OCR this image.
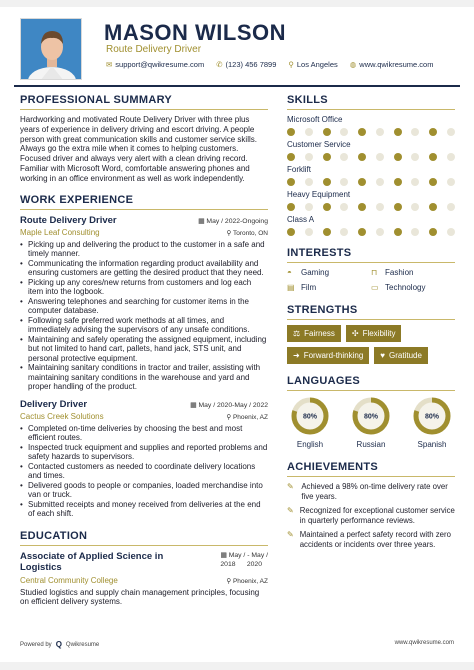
MASON WILSON
Route Delivery Driver
✉ support@qwikresume.com ✆ (123) 456 7899 ⚲ Los Angeles ◍ www.qwikresume.com
PROFESSIONAL SUMMARY
Hardworking and motivated Route Delivery Driver with three plus years of experience in delivery driving and escort driving. A people person with great communication skills and customer service skills. Always go the extra mile when it comes to helping customers. Focused driver and always very alert with a clean driving record. Familiar with Microsoft Word, comfortable answering phones and working in an office environment as well as work independently.
WORK EXPERIENCE
Route Delivery Driver	▦ May / 2022-Ongoing
Maple Leaf Consulting	⚲ Toronto, ON
• Picking up and delivering the product to the customer in a safe and timely manner.
• Communicating the information regarding product availability and ensuring customers are getting the desired product that they need.
• Picking up any cores/new returns from customers and log each item into the logbook.
• Answering telephones and searching for customer items in the computer database.
• Following safe preferred work methods at all times, and immediately advising the supervisors of any unsafe conditions.
• Maintaining and safely operating the assigned equipment, including but not limited to hand cart, pallets, hand jack, STS unit, and personal protective equipment.
• Maintaining sanitary conditions in tractor and trailer, assisting with maintaining sanitary conditions in the warehouse and yard and proper handling of the product.
Delivery Driver	▦ May / 2020-May / 2022
Cactus Creek Solutions	⚲ Phoenix, AZ
• Completed on-time deliveries by choosing the best and most efficient routes.
• Inspected truck equipment and supplies and reported problems and safety hazards to supervisors.
• Contacted customers as needed to coordinate delivery locations and times.
• Delivered goods to people or companies, loaded merchandise into van or truck.
• Submitted receipts and money received from deliveries at the end of each shift.
EDUCATION
Associate of Applied Science in Logistics
▦ May / - May /
2018 2020
Central Community College	⚲ Phoenix, AZ
Studied logistics and supply chain management principles, focusing on efficient delivery systems.
SKILLS
Microsoft Office
Customer Service
Forklift
Heavy Equipment
Class A
INTERESTS
◓	Gaming	⊓ Fashion
▤ Film	▭ Technology
STRENGTHS
⚖ Fairness ✣ Flexibility
➜ Forward-thinking ♥ Gratitude
LANGUAGES
80%
English
80%
Russian
80%
Spanish
ACHIEVEMENTS
✎ Achieved a 98% on-time delivery rate over five years.
✎ Recognized for exceptional customer service in quarterly performance reviews.
✎ Maintained a perfect safety record with zero accidents or incidents over three years.
Powered by Q Qwikresume	www.qwikresume.com
